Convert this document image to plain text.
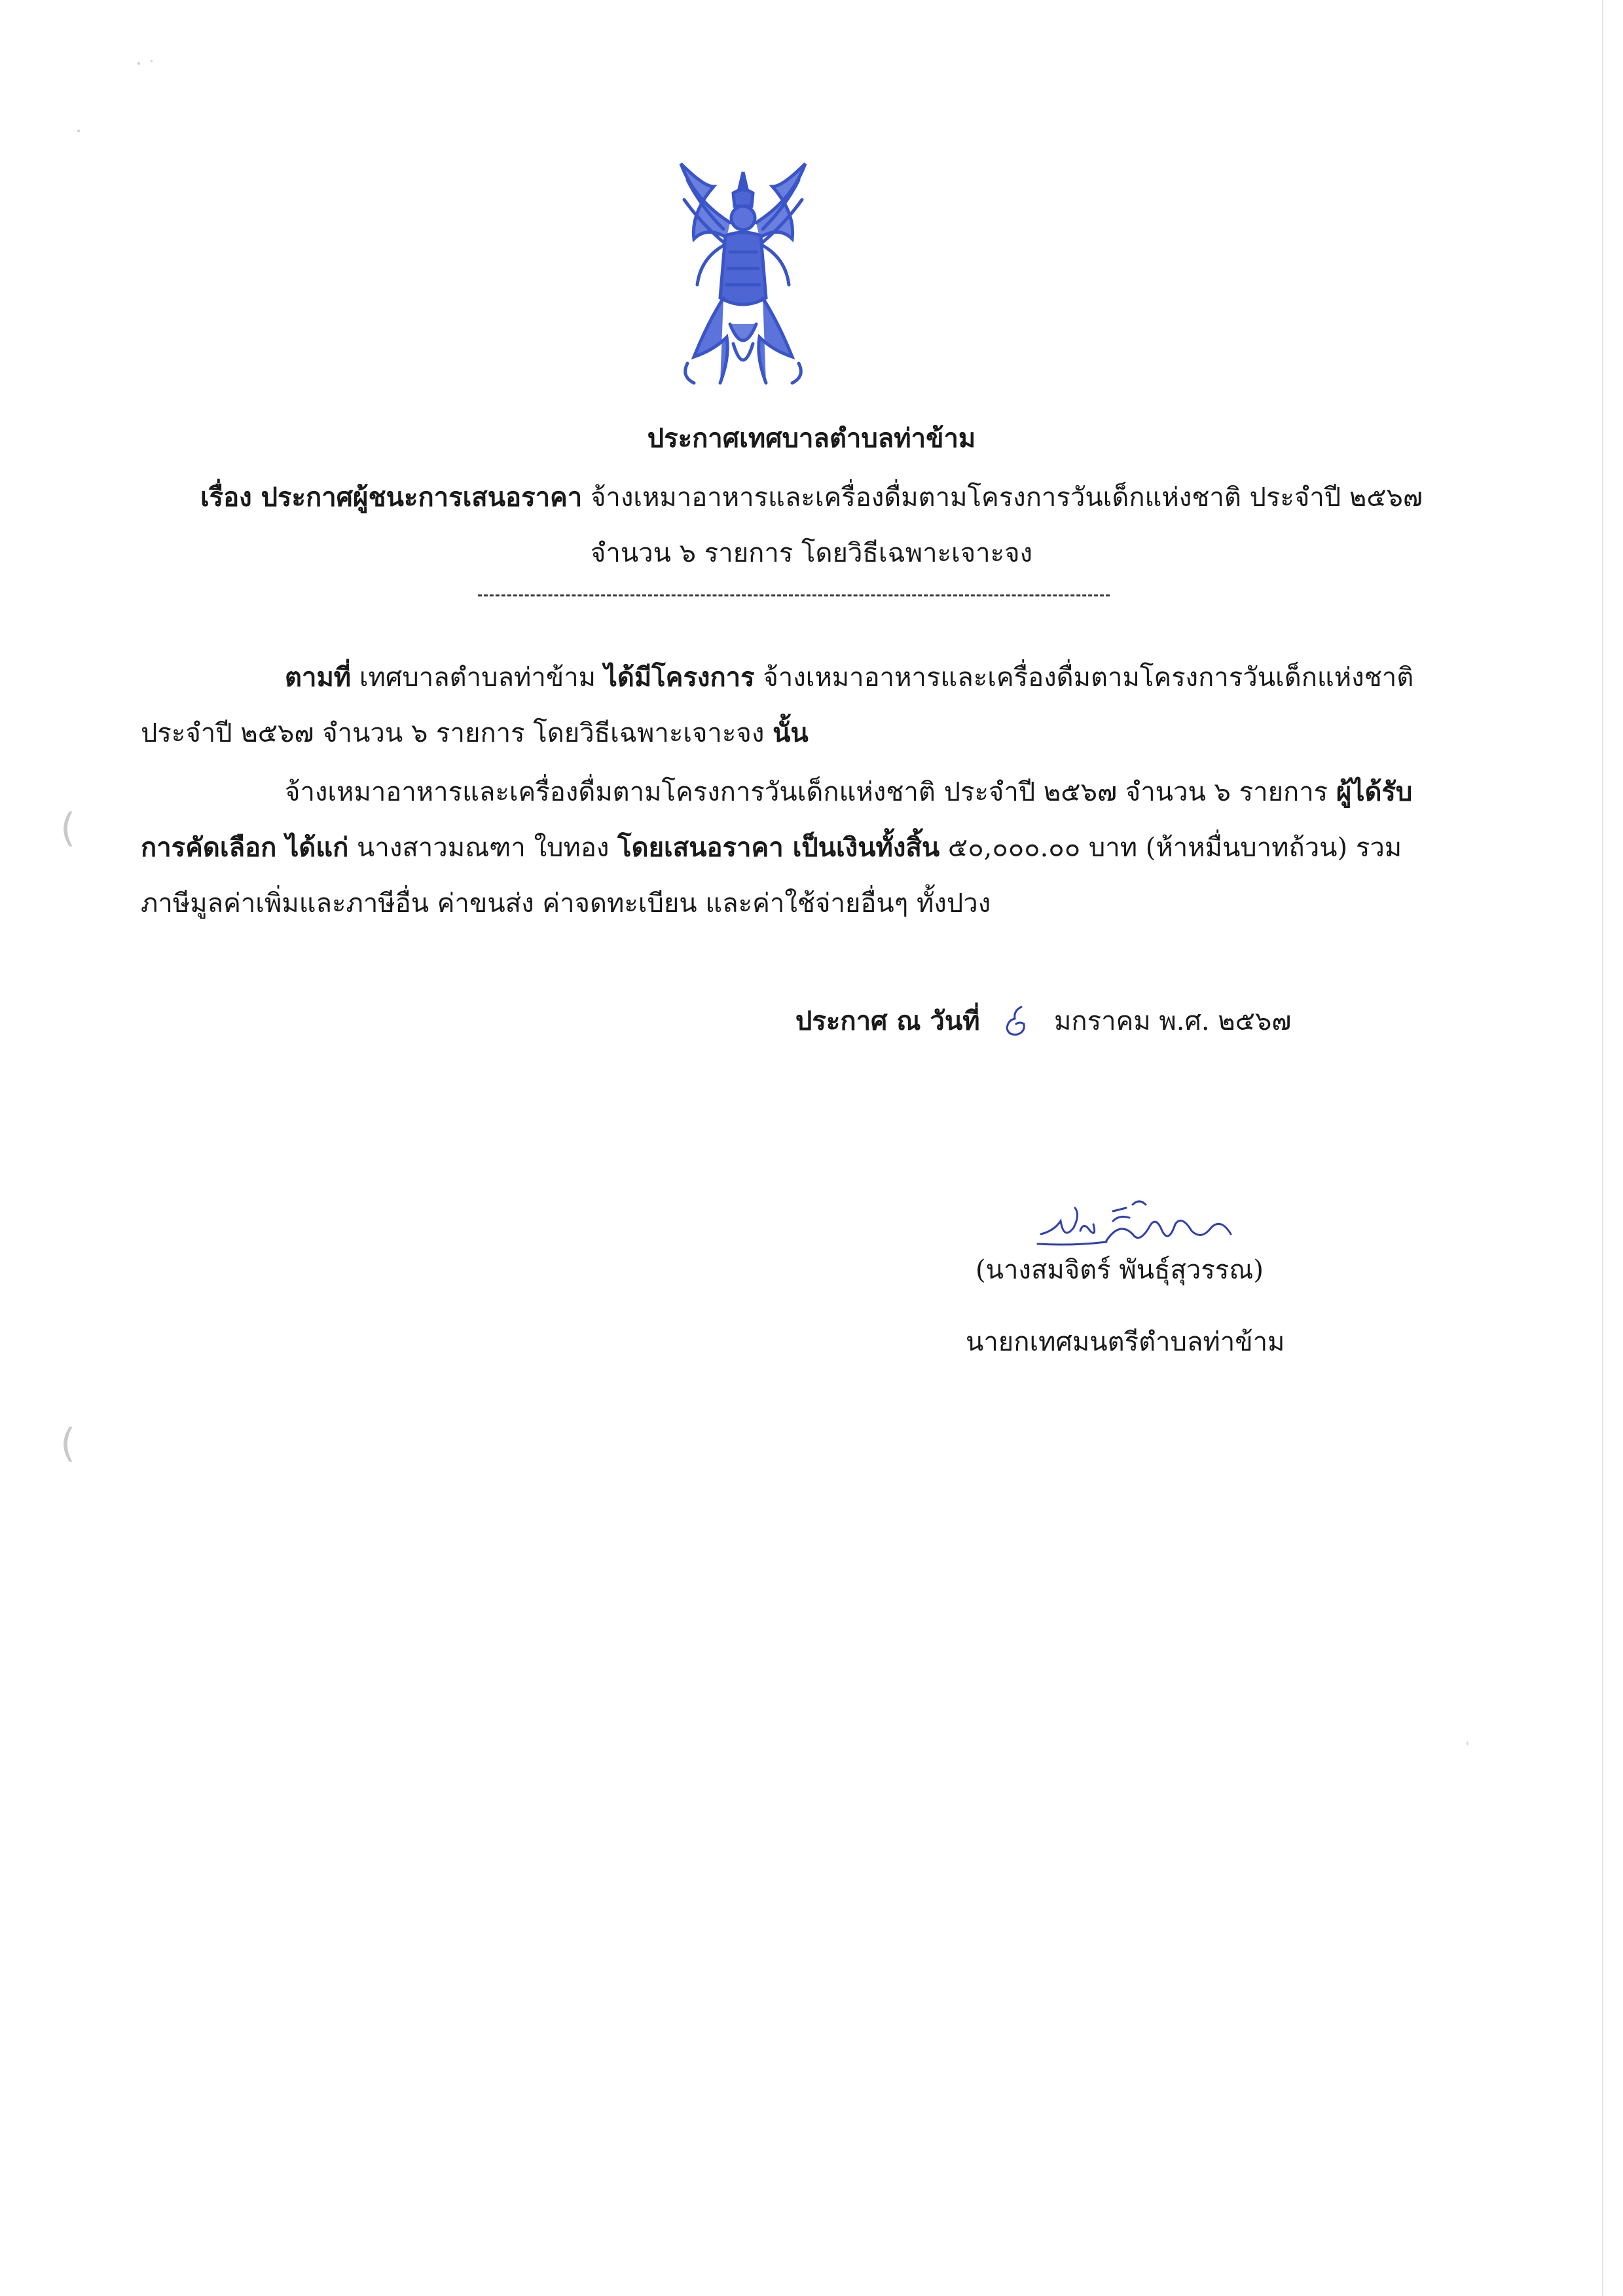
(
(
ประกาศเทศบาลตำบลท่าข้าม
เรื่อง ประกาศผู้ชนะการเสนอราคา จ้างเหมาอาหารและเครื่องดื่มตามโครงการวันเด็กแห่งชาติ ประจำปี ๒๕๖๗
จำนวน ๖ รายการ โดยวิธีเฉพาะเจาะจง
ตามที่ เทศบาลตำบลท่าข้าม ได้มีโครงการ จ้างเหมาอาหารและเครื่องดื่มตามโครงการวันเด็กแห่งชาติ
ประจำปี ๒๕๖๗ จำนวน ๖ รายการ โดยวิธีเฉพาะเจาะจง นั้น
จ้างเหมาอาหารและเครื่องดื่มตามโครงการวันเด็กแห่งชาติ ประจำปี ๒๕๖๗ จำนวน ๖ รายการ ผู้ได้รับ
การคัดเลือก ได้แก่ นางสาวมณฑา ใบทอง โดยเสนอราคา เป็นเงินทั้งสิ้น ๕๐,๐๐๐.๐๐ บาท (ห้าหมื่นบาทถ้วน) รวม
ภาษีมูลค่าเพิ่มและภาษีอื่น ค่าขนส่ง ค่าจดทะเบียน และค่าใช้จ่ายอื่นๆ ทั้งปวง
ประกาศ ณ วันที่	มกราคม พ.ศ. ๒๕๖๗
(นางสมจิตร์ พันธุ์สุวรรณ)
นายกเทศมนตรีตำบลท่าข้าม
